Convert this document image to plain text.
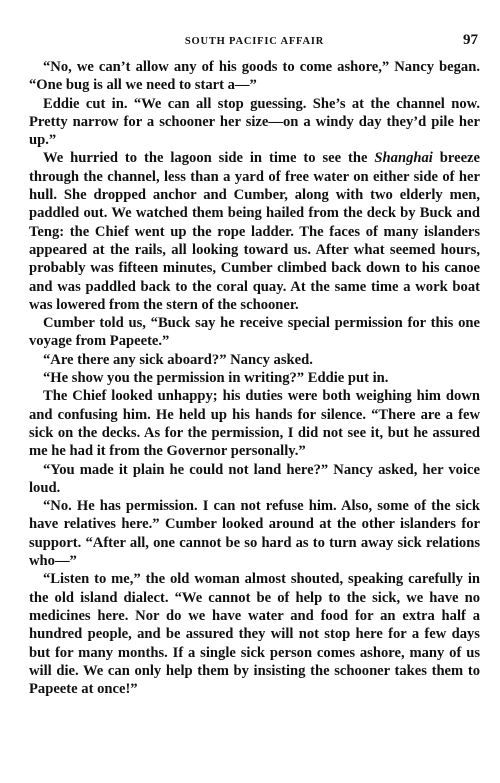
SOUTH PACIFIC AFFAIR	97

“No, we can’t allow any of his goods to come ashore,” Nancy began. “One bug is all we need to start a—”

Eddie cut in. “We can all stop guessing. She’s at the channel now. Pretty narrow for a schooner her size—on a windy day they’d pile her up.”

We hurried to the lagoon side in time to see the Shanghai breeze through the channel, less than a yard of free water on either side of her hull. She dropped anchor and Cumber, along with two elderly men, paddled out. We watched them being hailed from the deck by Buck and Teng: the Chief went up the rope ladder. The faces of many islanders appeared at the rails, all looking toward us. After what seemed hours, probably was fifteen minutes, Cumber climbed back down to his canoe and was paddled back to the coral quay. At the same time a work boat was lowered from the stern of the schooner.

Cumber told us, “Buck say he receive special permission for this one voyage from Papeete.”

“Are there any sick aboard?” Nancy asked.

“He show you the permission in writing?” Eddie put in.

The Chief looked unhappy; his duties were both weighing him down and confusing him. He held up his hands for silence. “There are a few sick on the decks. As for the permission, I did not see it, but he assured me he had it from the Governor personally.”

“You made it plain he could not land here?” Nancy asked, her voice loud.

“No. He has permission. I can not refuse him. Also, some of the sick have relatives here.” Cumber looked around at the other islanders for support. “After all, one cannot be so hard as to turn away sick relations who—”

“Listen to me,” the old woman almost shouted, speaking carefully in the old island dialect. “We cannot be of help to the sick, we have no medicines here. Nor do we have water and food for an extra half a hundred people, and be assured they will not stop here for a few days but for many months. If a single sick person comes ashore, many of us will die. We can only help them by insisting the schooner takes them to Papeete at once!”
